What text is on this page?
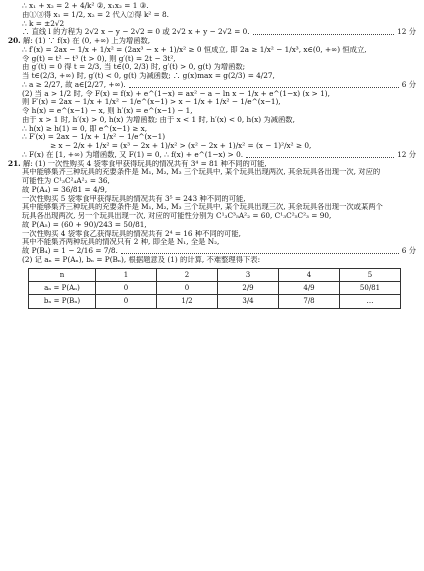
∴ x₁ + x₂ = 2 + 4/k² ②, x₁x₂ = 1 ③.
由①③得 x₁ = 1/2, x₂ = 2 代入②得 k² = 8.
∴ k = ±2√2
∴ 直线 l 的方程为 2√2 x − y − 2√2 = 0 或 2√2 x + y − 2√2 = 0.	12 分
20. 解: (1) ∵ f(x) 在 (0, +∞) 上为增函数,
∴ f′(x) = 2ax − 1/x + 1/x² = (2ax³ − x + 1)/x² ≥ 0 恒成立, 即 2a ≥ 1/x² − 1/x³, x∈(0, +∞) 恒成立,
令 g(t) = t² − t³ (t > 0), 则 g′(t) = 2t − 3t²,
由 g′(t) = 0 得 t = 2/3, 当 t∈(0, 2/3) 时, g′(t) > 0, g(t) 为增函数;
当 t∈(2/3, +∞) 时, g′(t) < 0, g(t) 为减函数; ∴ g(x)max = g(2/3) = 4/27,
∴ a ≥ 2/27, 故 a∈[2/27, +∞).	6 分
(2) 当 a > 1/2 时, 令 F(x) = f(x) + e^(1−x) = ax² − a − ln x − 1/x + e^(1−x) (x > 1),
则 F′(x) = 2ax − 1/x + 1/x² − 1/e^(x−1) > x − 1/x + 1/x² − 1/e^(x−1),
令 h(x) = e^(x−1) − x, 则 h′(x) = e^(x−1) − 1,
由于 x > 1 时, h′(x) > 0, h(x) 为增函数; 由于 x < 1 时, h′(x) < 0, h(x) 为减函数,
∴ h(x) ≥ h(1) = 0, 即 e^(x−1) ≥ x,
∴ F′(x) = 2ax − 1/x + 1/x² − 1/e^(x−1)
≥ x − 2/x + 1/x² = (x³ − 2x + 1)/x² > (x² − 2x + 1)/x² = (x − 1)²/x² ≥ 0,
∴ F(x) 在 [1, +∞) 为增函数, 又 F(1) = 0, ∴ f(x) + e^(1−x) > 0.	12 分
21. 解: (1) 一次性购买 4 袋零食甲获得玩具的情况共有 3⁴ = 81 种不同的可能,
其中能够集齐三种玩具的充要条件是 M₁, M₂, M₃ 三个玩具中, 某个玩具出现两次, 其余玩具各出现一次, 对应的
可能性为 C¹₃C²₄A²₂ = 36,
故 P(A₄) = 36/81 = 4/9,
一次性购买 5 袋零食甲获得玩具的情况共有 3⁵ = 243 种不同的可能,
其中能够集齐三种玩具的充要条件是 M₁, M₂, M₃ 三个玩具中, 某个玩具出现三次, 其余玩具各出现一次或某两个
玩具各出现两次, 另一个玩具出现一次, 对应的可能性分别为 C¹₃C³₅A²₂ = 60, C¹₃C²₅C²₃ = 90,
故 P(A₅) = (60 + 90)/243 = 50/81,
一次性购买 4 袋零食乙获得玩具的情况共有 2⁴ = 16 种不同的可能,
其中不能集齐两种玩具的情况只有 2 种, 即全是 N₁, 全是 N₂,
故 P(B₄) = 1 − 2/16 = 7/8.	6 分
(2) 记 aₙ = P(Aₙ), bₙ = P(Bₙ), 根据题意及 (1) 的计算, 不难整理得下表:
n	1	2	3	4	5
aₙ = P(Aₙ)	0	0	2/9	4/9	50/81
bₙ = P(Bₙ)	0	1/2	3/4	7/8	…
